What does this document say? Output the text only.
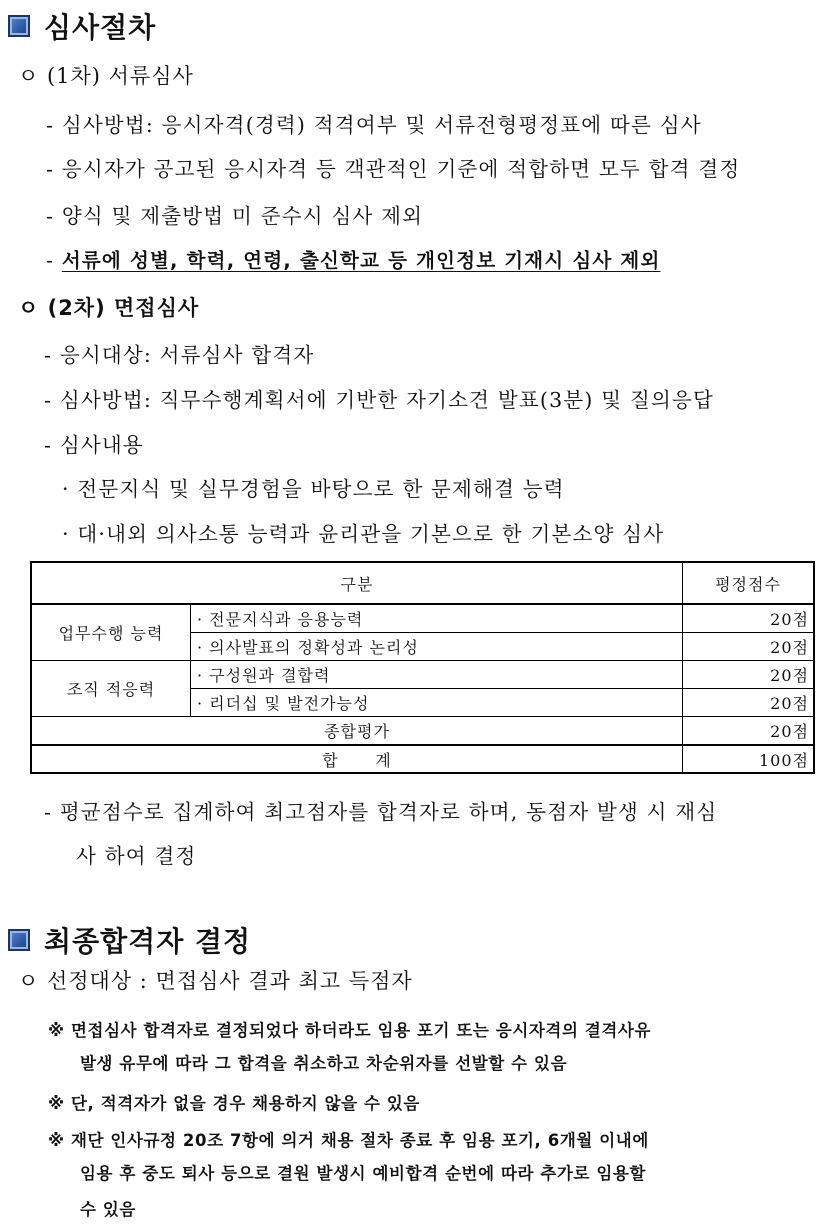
심사절차
ㅇ (1차) 서류심사
- 심사방법: 응시자격(경력) 적격여부 및 서류전형평정표에 따른 심사
- 응시자가 공고된 응시자격 등 객관적인 기준에 적합하면 모두 합격 결정
- 양식 및 제출방법 미 준수시 심사 제외
- 서류에 성별, 학력, 연령, 출신학교 등 개인정보 기재시 심사 제외
ㅇ (2차) 면접심사
- 응시대상: 서류심사 합격자
- 심사방법: 직무수행계획서에 기반한 자기소견 발표(3분) 및 질의응답
- 심사내용
· 전문지식 및 실무경험을 바탕으로 한 문제해결 능력
· 대·내외 의사소통 능력과 윤리관을 기본으로 한 기본소양 심사
구분		평정점수
업무수행 능력	· 전문지식과 응용능력	20점
	· 의사발표의 정확성과 논리성	20점
조직 적응력	· 구성원과 결합력	20점
	· 리더십 및 발전가능성	20점
종합평가		20점
합      계		100점
- 평균점수로 집계하여 최고점자를 합격자로 하며, 동점자 발생 시 재심
사 하여 결정
최종합격자 결정
ㅇ 선정대상 : 면접심사 결과 최고 득점자
※ 면접심사 합격자로 결정되었다 하더라도 임용 포기 또는 응시자격의 결격사유
발생 유무에 따라 그 합격을 취소하고 차순위자를 선발할 수 있음
※ 단, 적격자가 없을 경우 채용하지 않을 수 있음
※ 재단 인사규정 20조 7항에 의거 채용 절차 종료 후 임용 포기, 6개월 이내에
임용 후 중도 퇴사 등으로 결원 발생시 예비합격 순번에 따라 추가로 임용할
수 있음
